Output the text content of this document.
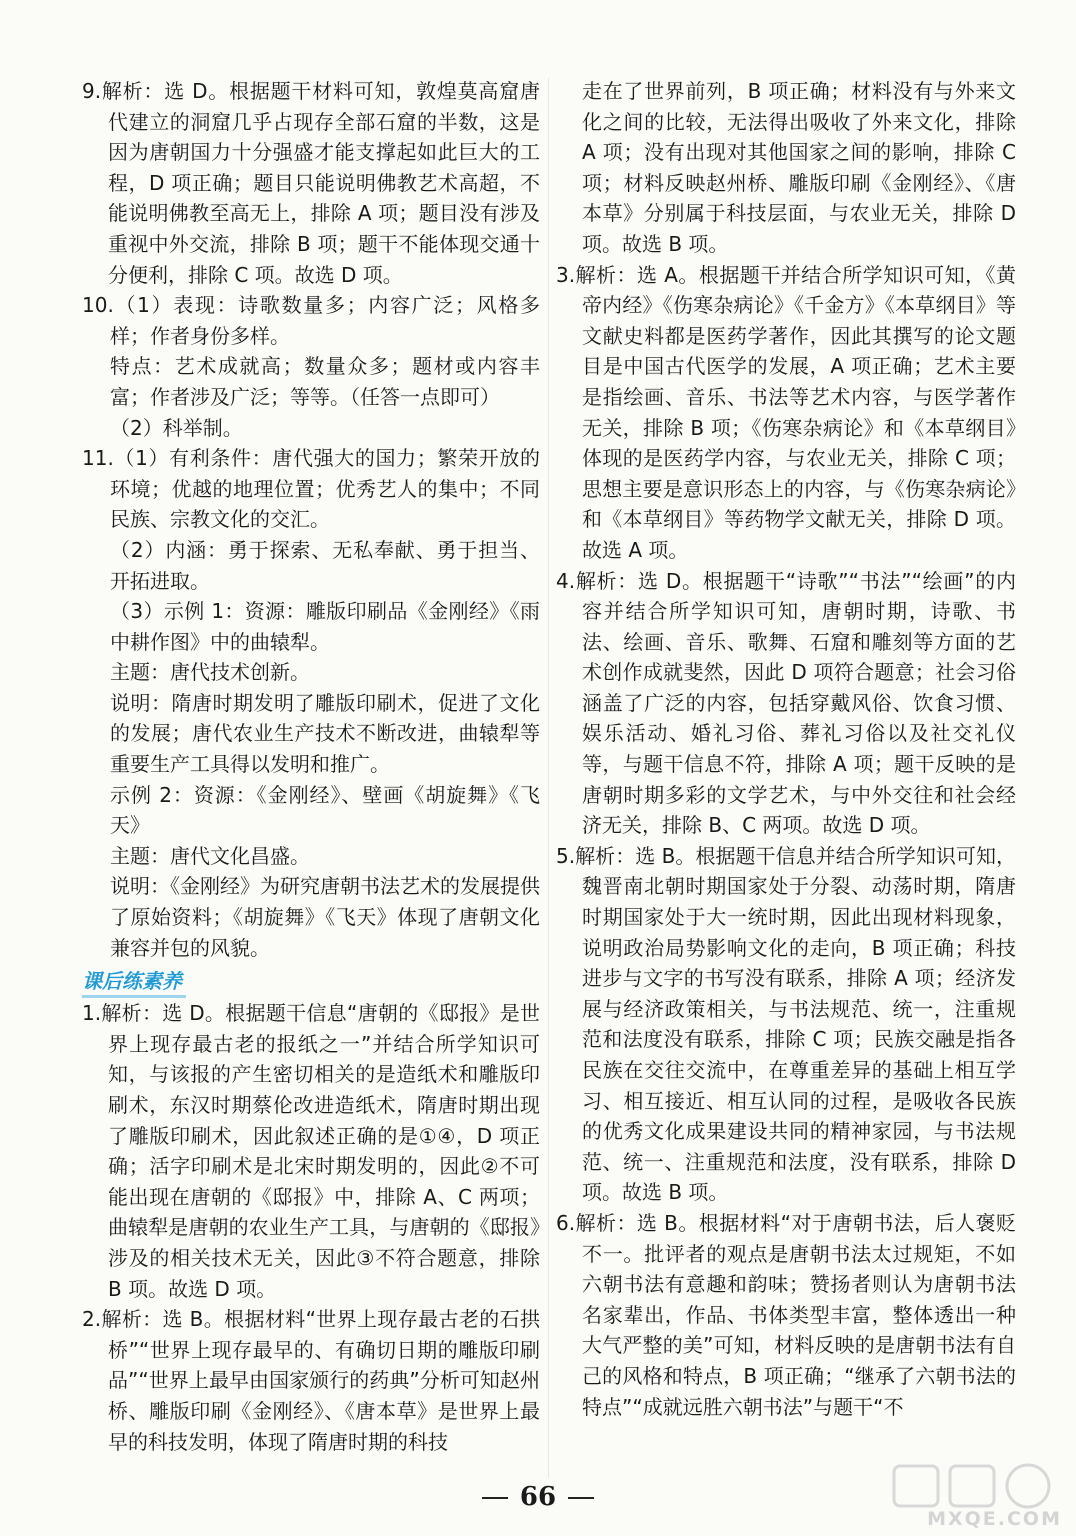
9.解析：选 D。根据题干材料可知，敦煌莫高窟唐代建立的洞窟几乎占现存全部石窟的半数，这是因为唐朝国力十分强盛才能支撑起如此巨大的工程，D 项正确；题目只能说明佛教艺术高超，不能说明佛教至高无上，排除 A 项；题目没有涉及重视中外交流，排除 B 项；题干不能体现交通十分便利，排除 C 项。故选 D 项。

10.（1）表现：诗歌数量多；内容广泛；风格多样；作者身份多样。

特点：艺术成就高；数量众多；题材或内容丰富；作者涉及广泛；等等。（任答一点即可）

（2）科举制。

11.（1）有利条件：唐代强大的国力；繁荣开放的环境；优越的地理位置；优秀艺人的集中；不同民族、宗教文化的交汇。

（2）内涵：勇于探索、无私奉献、勇于担当、开拓进取。

（3）示例 1：资源：雕版印刷品《金刚经》《雨中耕作图》中的曲辕犁。

主题：唐代技术创新。

说明：隋唐时期发明了雕版印刷术，促进了文化的发展；唐代农业生产技术不断改进，曲辕犁等重要生产工具得以发明和推广。

示例 2：资源：《金刚经》、壁画《胡旋舞》《飞天》

主题：唐代文化昌盛。

说明：《金刚经》为研究唐朝书法艺术的发展提供了原始资料；《胡旋舞》《飞天》体现了唐朝文化兼容并包的风貌。

课后练素养

1.解析：选 D。根据题干信息“唐朝的《邸报》是世界上现存最古老的报纸之一”并结合所学知识可知，与该报的产生密切相关的是造纸术和雕版印刷术，东汉时期蔡伦改进造纸术，隋唐时期出现了雕版印刷术，因此叙述正确的是①④，D 项正确；活字印刷术是北宋时期发明的，因此②不可能出现在唐朝的《邸报》中，排除 A、C 两项；曲辕犁是唐朝的农业生产工具，与唐朝的《邸报》涉及的相关技术无关，因此③不符合题意，排除 B 项。故选 D 项。

2.解析：选 B。根据材料“世界上现存最古老的石拱桥”“世界上现存最早的、有确切日期的雕版印刷品”“世界上最早由国家颁行的药典”分析可知赵州桥、雕版印刷《金刚经》、《唐本草》是世界上最早的科技发明，体现了隋唐时期的科技

走在了世界前列，B 项正确；材料没有与外来文化之间的比较，无法得出吸收了外来文化，排除 A 项；没有出现对其他国家之间的影响，排除 C 项；材料反映赵州桥、雕版印刷《金刚经》、《唐本草》分别属于科技层面，与农业无关，排除 D 项。故选 B 项。

3.解析：选 A。根据题干并结合所学知识可知，《黄帝内经》《伤寒杂病论》《千金方》《本草纲目》等文献史料都是医药学著作，因此其撰写的论文题目是中国古代医学的发展，A 项正确；艺术主要是指绘画、音乐、书法等艺术内容，与医学著作无关，排除 B 项；《伤寒杂病论》和《本草纲目》体现的是医药学内容，与农业无关，排除 C 项；思想主要是意识形态上的内容，与《伤寒杂病论》和《本草纲目》等药物学文献无关，排除 D 项。故选 A 项。

4.解析：选 D。根据题干“诗歌”“书法”“绘画”的内容并结合所学知识可知，唐朝时期，诗歌、书法、绘画、音乐、歌舞、石窟和雕刻等方面的艺术创作成就斐然，因此 D 项符合题意；社会习俗涵盖了广泛的内容，包括穿戴风俗、饮食习惯、娱乐活动、婚礼习俗、葬礼习俗以及社交礼仪等，与题干信息不符，排除 A 项；题干反映的是唐朝时期多彩的文学艺术，与中外交往和社会经济无关，排除 B、C 两项。故选 D 项。

5.解析：选 B。根据题干信息并结合所学知识可知，魏晋南北朝时期国家处于分裂、动荡时期，隋唐时期国家处于大一统时期，因此出现材料现象，说明政治局势影响文化的走向，B 项正确；科技进步与文字的书写没有联系，排除 A 项；经济发展与经济政策相关，与书法规范、统一，注重规范和法度没有联系，排除 C 项；民族交融是指各民族在交往交流中，在尊重差异的基础上相互学习、相互接近、相互认同的过程，是吸收各民族的优秀文化成果建设共同的精神家园，与书法规范、统一、注重规范和法度，没有联系，排除 D 项。故选 B 项。

6.解析：选 B。根据材料“对于唐朝书法，后人褒贬不一。批评者的观点是唐朝书法太过规矩，不如六朝书法有意趣和韵味；赞扬者则认为唐朝书法名家辈出，作品、书体类型丰富，整体透出一种大气严整的美”可知，材料反映的是唐朝书法有自己的风格和特点，B 项正确；“继承了六朝书法的特点”“成就远胜六朝书法”与题干“不

66
MXQE.COM
